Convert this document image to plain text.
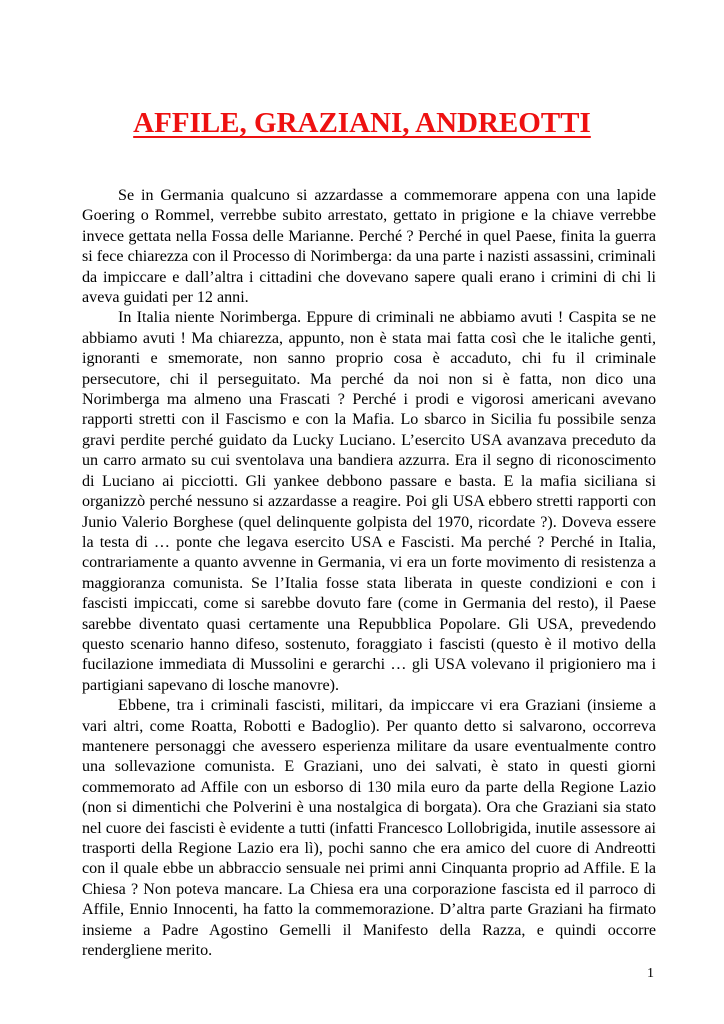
AFFILE, GRAZIANI, ANDREOTTI

Se in Germania qualcuno si azzardasse a commemorare appena con una lapide Goering o Rommel, verrebbe subito arrestato, gettato in prigione e la chiave verrebbe invece gettata nella Fossa delle Marianne. Perché ? Perché in quel Paese, finita la guerra si fece chiarezza con il Processo di Norimberga: da una parte i nazisti assassini, criminali da impiccare e dall’altra i cittadini che dovevano sapere quali erano i crimini di chi li aveva guidati per 12 anni.

In Italia niente Norimberga. Eppure di criminali ne abbiamo avuti ! Caspita se ne abbiamo avuti ! Ma chiarezza, appunto, non è stata mai fatta così che le italiche genti, ignoranti e smemorate, non sanno proprio cosa è accaduto, chi fu il criminale persecutore, chi il perseguitato. Ma perché da noi non si è fatta, non dico una Norimberga ma almeno una Frascati ? Perché i prodi e vigorosi americani avevano rapporti stretti con il Fascismo e con la Mafia. Lo sbarco in Sicilia fu possibile senza gravi perdite perché guidato da Lucky Luciano. L’esercito USA avanzava preceduto da un carro armato su cui sventolava una bandiera azzurra. Era il segno di riconoscimento di Luciano ai picciotti. Gli yankee debbono passare e basta. E la mafia siciliana si organizzò perché nessuno si azzardasse a reagire. Poi gli USA ebbero stretti rapporti con Junio Valerio Borghese (quel delinquente golpista del 1970, ricordate ?). Doveva essere la testa di … ponte che legava esercito USA e Fascisti. Ma perché ? Perché in Italia, contrariamente a quanto avvenne in Germania, vi era un forte movimento di resistenza a maggioranza comunista. Se l’Italia fosse stata liberata in queste condizioni e con i fascisti impiccati, come si sarebbe dovuto fare (come in Germania del resto), il Paese sarebbe diventato quasi certamente una Repubblica Popolare. Gli USA, prevedendo questo scenario hanno difeso, sostenuto, foraggiato i fascisti (questo è il motivo della fucilazione immediata di Mussolini e gerarchi … gli USA volevano il prigioniero ma i partigiani sapevano di losche manovre).

Ebbene, tra i criminali fascisti, militari, da impiccare vi era Graziani (insieme a vari altri, come Roatta, Robotti e Badoglio). Per quanto detto si salvarono, occorreva mantenere personaggi che avessero esperienza militare da usare eventualmente contro una sollevazione comunista. E Graziani, uno dei salvati, è stato in questi giorni commemorato ad Affile con un esborso di 130 mila euro da parte della Regione Lazio (non si dimentichi che Polverini è una nostalgica di borgata). Ora che Graziani sia stato nel cuore dei fascisti è evidente a tutti (infatti Francesco Lollobrigida, inutile assessore ai trasporti della Regione Lazio era lì), pochi sanno che era amico del cuore di Andreotti con il quale ebbe un abbraccio sensuale nei primi anni Cinquanta proprio ad Affile. E la Chiesa ? Non poteva mancare. La Chiesa era una corporazione fascista ed il parroco di Affile, Ennio Innocenti, ha fatto la commemorazione. D’altra parte Graziani ha firmato insieme a Padre Agostino Gemelli il Manifesto della Razza, e quindi occorre rendergliene merito.

1
